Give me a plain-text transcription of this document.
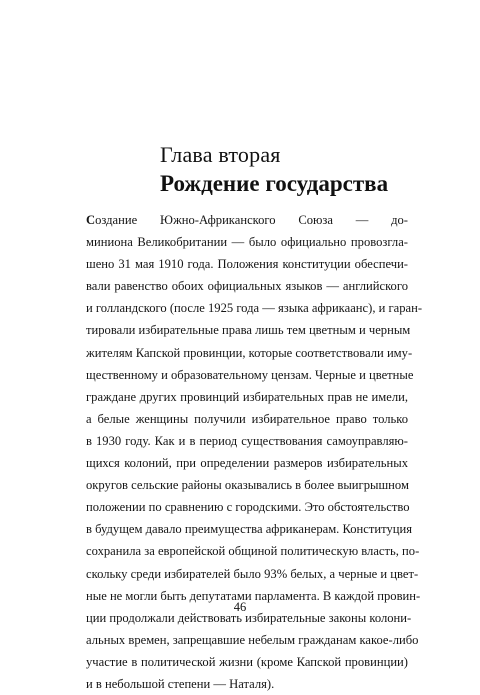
Глава вторая
Рождение государства
Создание Южно-Африканского Союза — до-
миниона Великобритании — было официально провозгла-
шено 31 мая 1910 года. Положения конституции обеспечи-
вали равенство обоих официальных языков — английского
и голландского (после 1925 года — языка африкаанс), и гаран-
тировали избирательные права лишь тем цветным и черным
жителям Капской провинции, которые соответствовали иму-
щественному и образовательному цензам. Черные и цветные
граждане других провинций избирательных прав не имели,
а белые женщины получили избирательное право только
в 1930 году. Как и в период существования самоуправляю-
щихся колоний, при определении размеров избирательных
округов сельские районы оказывались в более выигрышном
положении по сравнению с городскими. Это обстоятельство
в будущем давало преимущества африканерам. Конституция
сохранила за европейской общиной политическую власть, по-
скольку среди избирателей было 93% белых, а черные и цвет-
ные не могли быть депутатами парламента. В каждой провин-
ции продолжали действовать избирательные законы колони-
альных времен, запрещавшие небелым гражданам какое-либо
участие в политической жизни (кроме Капской провинции)
и в небольшой степени — Наталя).
46
